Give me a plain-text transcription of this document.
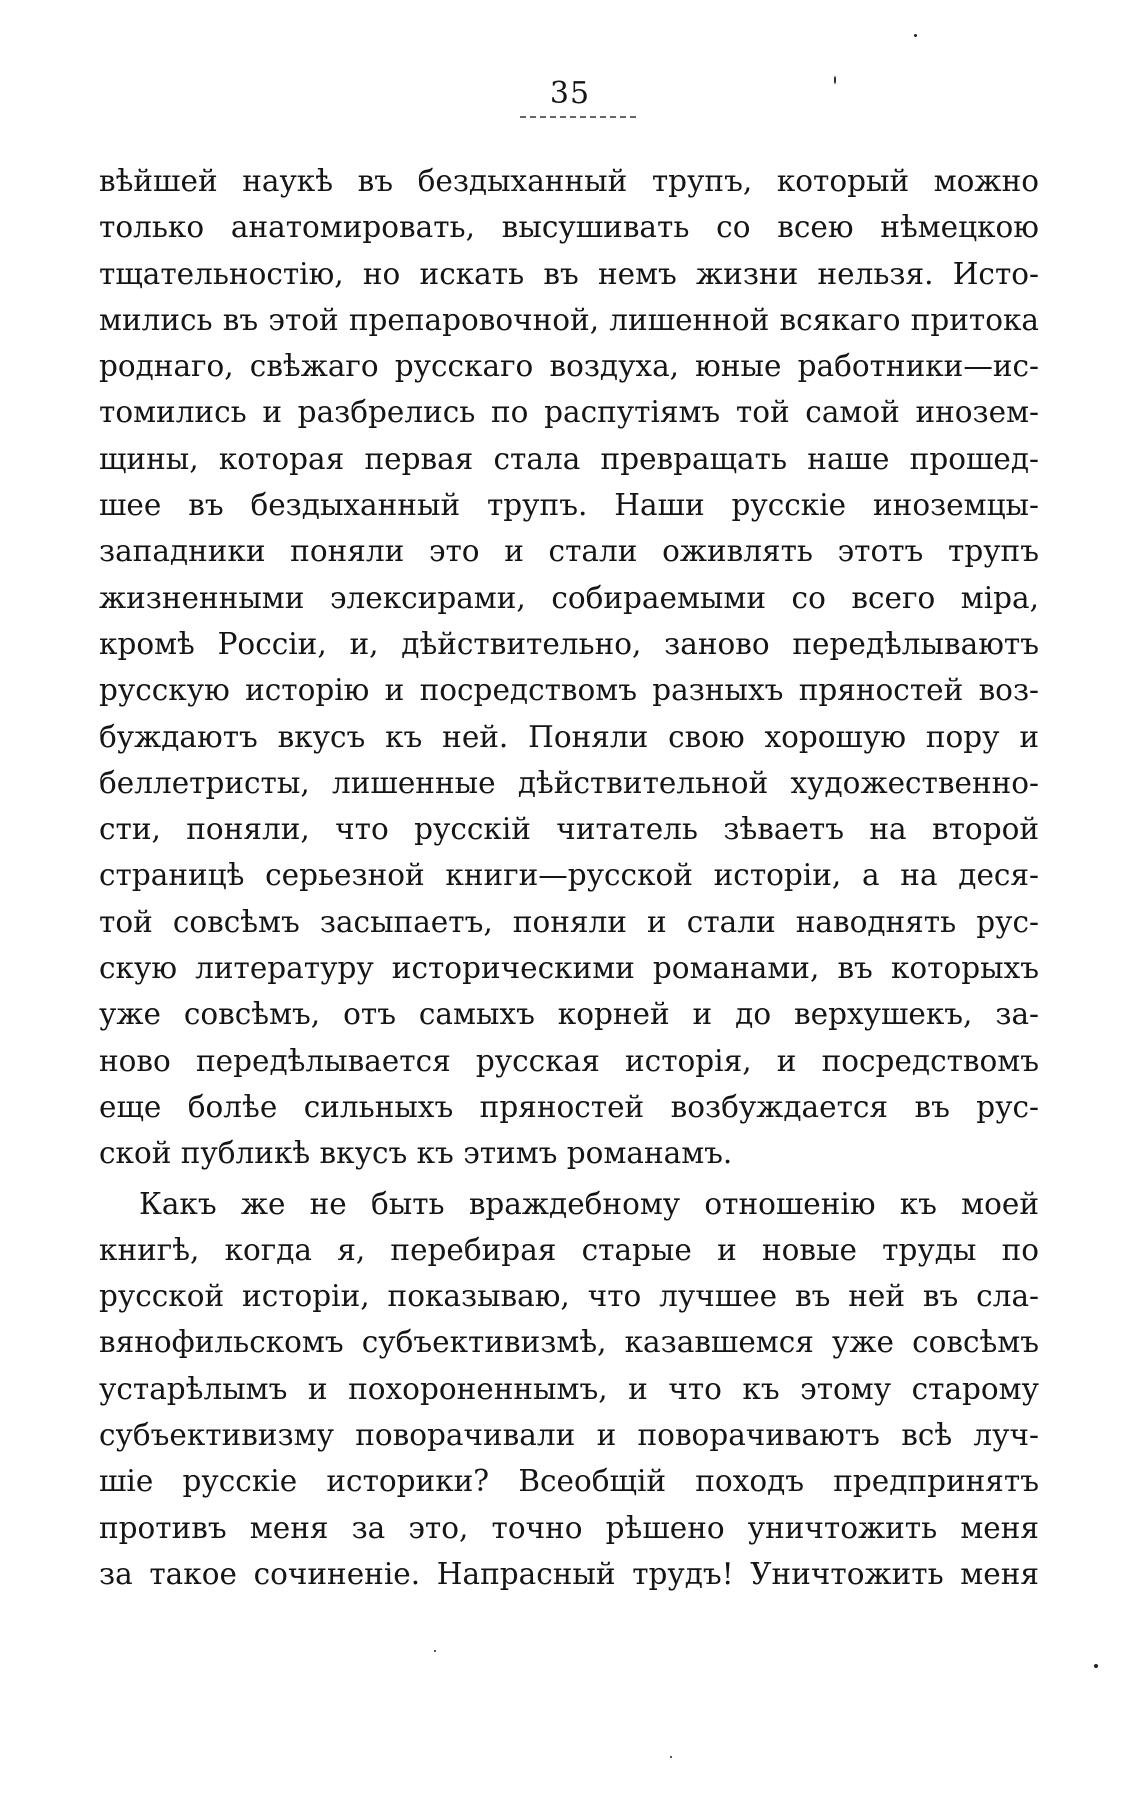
35
вѣйшей наукѣ въ бездыханный трупъ, который можно
только анатомировать, высушивать со всею нѣмецкою
тщательностію, но искать въ немъ жизни нельзя. Исто-
мились въ этой препаровочной, лишенной всякаго притока
роднаго, свѣжаго русскаго воздуха, юные работники—ис-
томились и разбрелись по распутіямъ той самой инозем-
щины, которая первая стала превращать наше прошед-
шее въ бездыханный трупъ. Наши русскіе иноземцы-
западники поняли это и стали оживлять этотъ трупъ
жизненными элексирами, собираемыми со всего міра,
кромѣ Россіи, и, дѣйствительно, заново передѣлываютъ
русскую исторію и посредствомъ разныхъ пряностей воз-
буждаютъ вкусъ къ ней. Поняли свою хорошую пору и
беллетристы, лишенные дѣйствительной художественно-
сти, поняли, что русскій читатель зѣваетъ на второй
страницѣ серьезной книги—русской исторіи, а на деся-
той совсѣмъ засыпаетъ, поняли и стали наводнять рус-
скую литературу историческими романами, въ которыхъ
уже совсѣмъ, отъ самыхъ корней и до верхушекъ, за-
ново передѣлывается русская исторія, и посредствомъ
еще болѣе сильныхъ пряностей возбуждается въ рус-
ской публикѣ вкусъ къ этимъ романамъ.
Какъ же не быть враждебному отношенію къ моей
книгѣ, когда я, перебирая старые и новые труды по
русской исторіи, показываю, что лучшее въ ней въ сла-
вянофильскомъ субъективизмѣ, казавшемся уже совсѣмъ
устарѣлымъ и похороненнымъ, и что къ этому старому
субъективизму поворачивали и поворачиваютъ всѣ луч-
шіе русскіе историки? Всеобщій походъ предпринятъ
противъ меня за это, точно рѣшено уничтожить меня
за такое сочиненіе. Напрасный трудъ! Уничтожить меня
